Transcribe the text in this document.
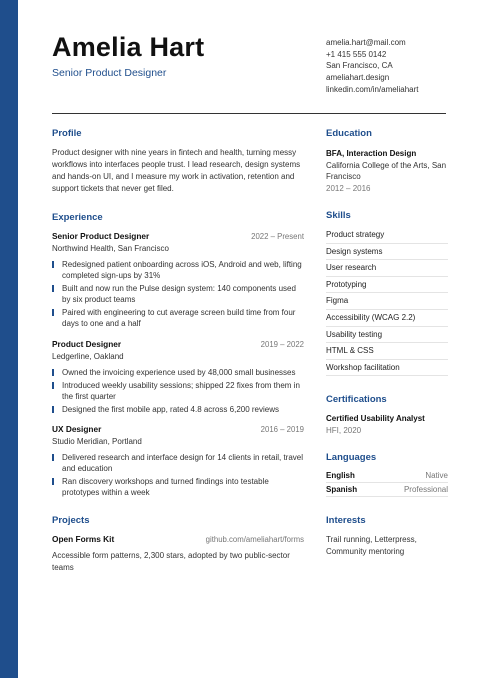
Amelia Hart
Senior Product Designer
amelia.hart@mail.com
+1 415 555 0142
San Francisco, CA
ameliahart.design
linkedin.com/in/ameliahart
Profile

Product designer with nine years in fintech and health, turning messy workflows into interfaces people trust. I lead research, design systems and hands-on UI, and I measure my work in activation, retention and support tickets that never get filed.

Experience
Senior Product Designer	2022 – Present
Northwind Health, San Francisco
Redesigned patient onboarding across iOS, Android and web, lifting completed sign-ups by 31%
Built and now run the Pulse design system: 140 components used by six product teams
Paired with engineering to cut average screen build time from four days to one and a half
Product Designer	2019 – 2022
Ledgerline, Oakland
Owned the invoicing experience used by 48,000 small businesses
Introduced weekly usability sessions; shipped 22 fixes from them in the first quarter
Designed the first mobile app, rated 4.8 across 6,200 reviews
UX Designer	2016 – 2019
Studio Meridian, Portland
Delivered research and interface design for 14 clients in retail, travel and education
Ran discovery workshops and turned findings into testable prototypes within a week
Projects
Open Forms Kit	github.com/ameliahart/forms

Accessible form patterns, 2,300 stars, adopted by two public-sector teams

Education
BFA, Interaction Design
California College of the Arts, San Francisco
2012 – 2016
Skills
Product strategy
Design systems
User research
Prototyping
Figma
Accessibility (WCAG 2.2)
Usability testing
HTML & CSS
Workshop facilitation
Certifications
Certified Usability Analyst
HFI, 2020
Languages
English	Native
Spanish	Professional
Interests
Trail running, Letterpress, Community mentoring
